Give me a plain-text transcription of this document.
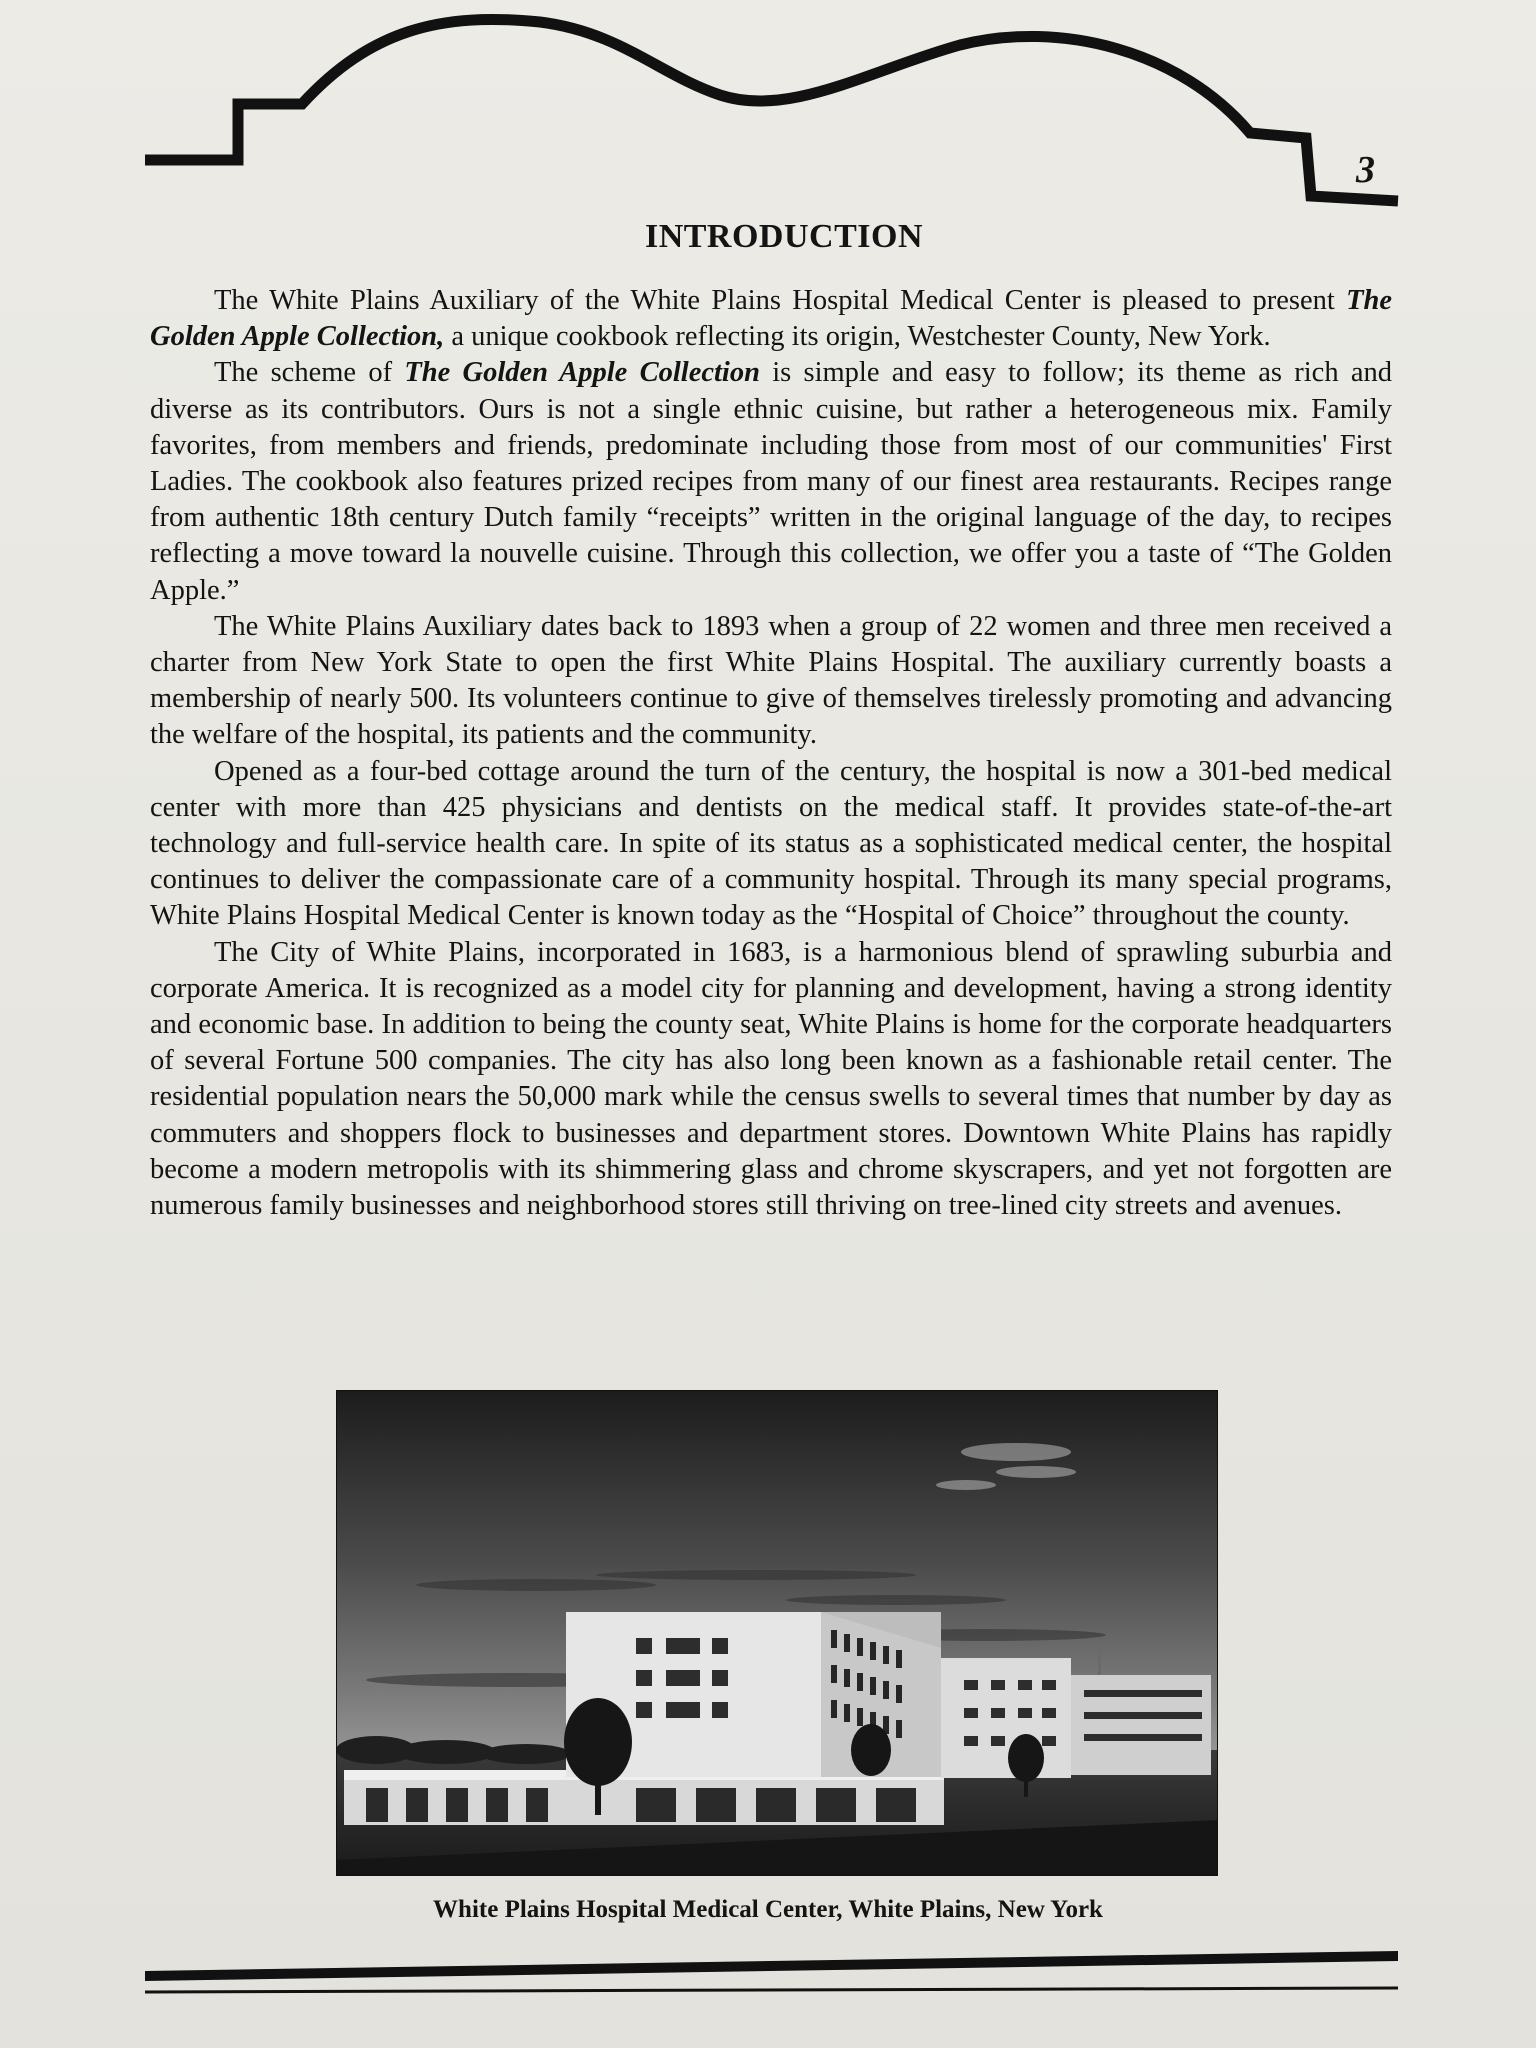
3
INTRODUCTION

The White Plains Auxiliary of the White Plains Hospital Medical Center is pleased to present The Golden Apple Collection, a unique cookbook reflecting its origin, Westchester County, New York.

The scheme of The Golden Apple Collection is simple and easy to follow; its theme as rich and diverse as its contributors. Ours is not a single ethnic cuisine, but rather a heterogeneous mix. Family favorites, from members and friends, predominate including those from most of our communities' First Ladies. The cookbook also features prized recipes from many of our finest area restaurants. Recipes range from authentic 18th century Dutch family “receipts” written in the original language of the day, to recipes reflecting a move toward la nouvelle cuisine. Through this collection, we offer you a taste of “The Golden Apple.”

The White Plains Auxiliary dates back to 1893 when a group of 22 women and three men received a charter from New York State to open the first White Plains Hospital. The auxiliary currently boasts a membership of nearly 500. Its volunteers continue to give of themselves tirelessly promoting and advancing the welfare of the hospital, its patients and the community.

Opened as a four-bed cottage around the turn of the century, the hospital is now a 301-bed medical center with more than 425 physicians and dentists on the medical staff. It provides state-of-the-art technology and full-service health care. In spite of its status as a sophisticated medical center, the hospital continues to deliver the compassionate care of a community hospital. Through its many special programs, White Plains Hospital Medical Center is known today as the “Hospital of Choice” throughout the county.

The City of White Plains, incorporated in 1683, is a harmonious blend of sprawling suburbia and corporate America. It is recognized as a model city for planning and development, having a strong identity and economic base. In addition to being the county seat, White Plains is home for the corporate headquarters of several Fortune 500 companies. The city has also long been known as a fashionable retail center. The residential population nears the 50,000 mark while the census swells to several times that number by day as commuters and shoppers flock to businesses and department stores. Downtown White Plains has rapidly become a modern metropolis with its shimmering glass and chrome skyscrapers, and yet not forgotten are numerous family businesses and neighborhood stores still thriving on tree-lined city streets and avenues.

White Plains Hospital Medical Center, White Plains, New York
